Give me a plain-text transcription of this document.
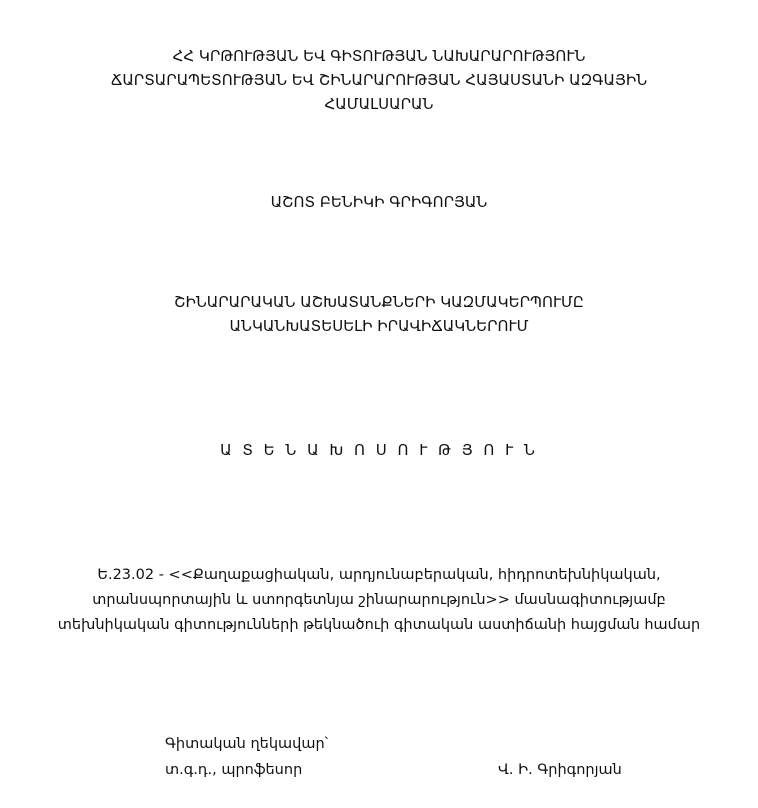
ՀՀ ԿՐԹՈՒԹՅԱՆ ԵՎ ԳԻՏՈՒԹՅԱՆ ՆԱԽԱՐԱՐՈՒԹՅՈՒՆ
ՃԱՐՏԱՐԱՊԵՏՈՒԹՅԱՆ ԵՎ ՇԻՆԱՐԱՐՈՒԹՅԱՆ ՀԱՅԱՍՏԱՆԻ ԱԶԳԱՅԻՆ
ՀԱՄԱԼՍԱՐԱՆ
ԱՇՈՏ ԲԵՆԻԿԻ ԳՐԻԳՈՐՅԱՆ
ՇԻՆԱՐԱՐԱԿԱՆ ԱՇԽԱՏԱՆՔՆԵՐԻ ԿԱԶՄԱԿԵՐՊՈՒՄԸ
ԱՆԿԱՆԽԱՏԵՍԵԼԻ ԻՐԱՎԻՃԱԿՆԵՐՈՒՄ
Ա Տ Ե Ն Ա Խ Ո Ս Ո Ւ Թ Յ Ո Ւ Ն
Ե.23.02 - <<Քաղաքացիական, արդյունաբերական, հիդրոտեխնիկական,
տրանսպորտային և ստորգետնյա շինարարություն>> մասնագիտությամբ
տեխնիկական գիտությունների թեկնածուի գիտական աստիճանի հայցման համար
Գիտական ղեկավար՝
տ.գ.դ., պրոֆեսոր	Վ. Ի. Գրիգորյան
